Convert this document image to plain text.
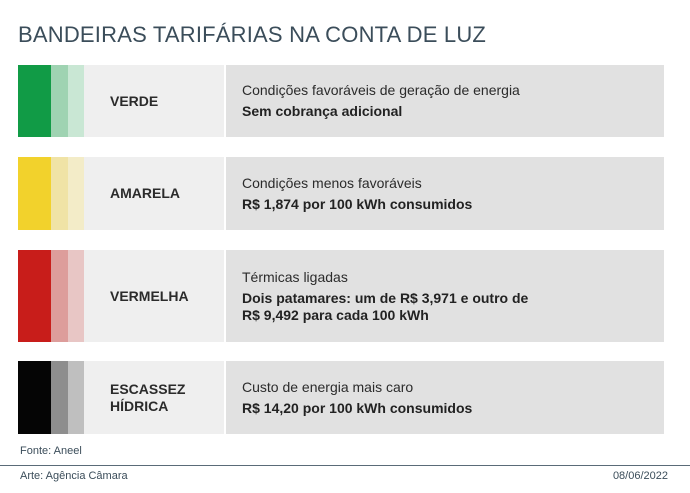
BANDEIRAS TARIFÁRIAS NA CONTA DE LUZ
VERDE
Condições favoráveis de geração de energia
Sem cobrança adicional
AMARELA
Condições menos favoráveis
R$ 1,874 por 100 kWh consumidos
VERMELHA
Térmicas ligadas
Dois patamares: um de R$ 3,971 e outro de
R$ 9,492 para cada 100 kWh
ESCASSEZ
HÍDRICA
Custo de energia mais caro
R$ 14,20 por 100 kWh consumidos
Fonte: Aneel
Arte: Agência Câmara	08/06/2022
